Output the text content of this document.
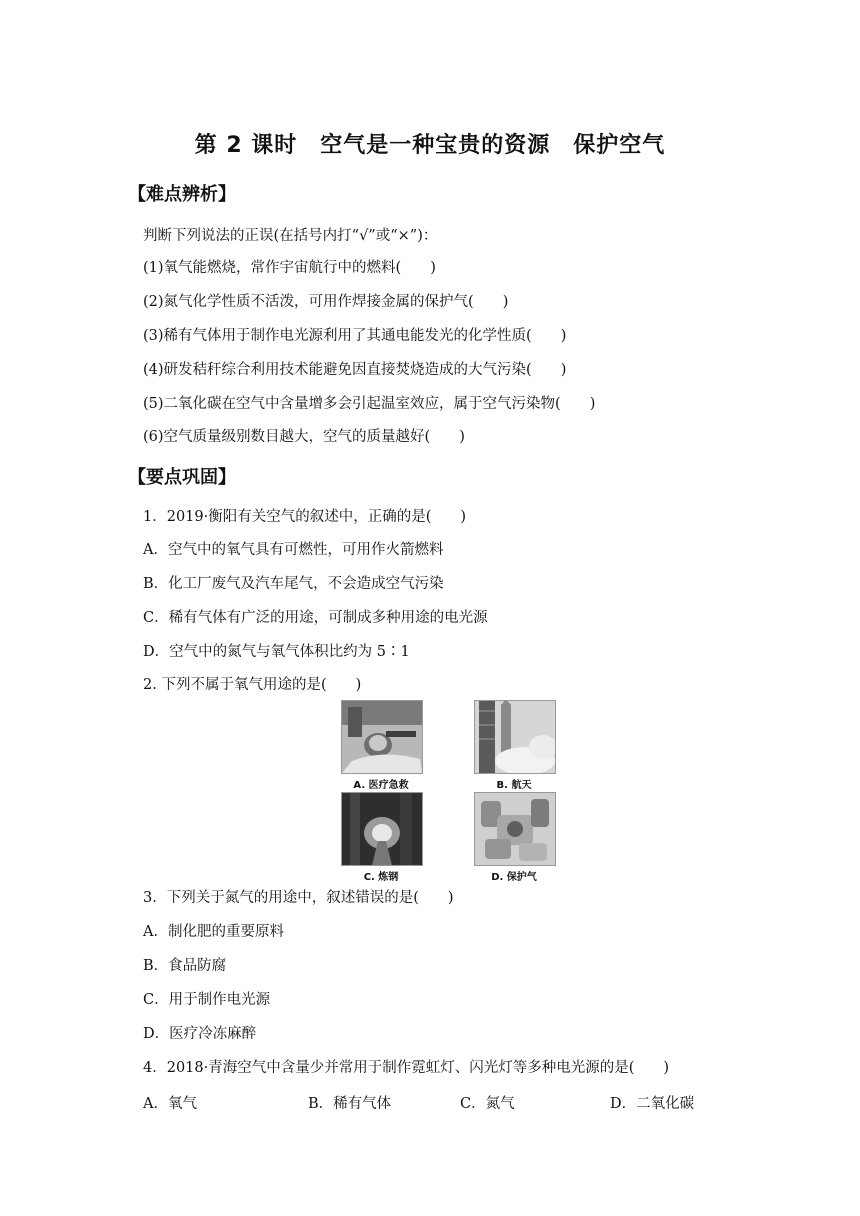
第 2 课时　空气是一种宝贵的资源　保护空气
【难点辨析】
判断下列说法的正误(在括号内打“√”或“×”)：
(1)氧气能燃烧，常作宇宙航行中的燃料(　　)
(2)氮气化学性质不活泼，可用作焊接金属的保护气(　　)
(3)稀有气体用于制作电光源利用了其通电能发光的化学性质(　　)
(4)研发秸秆综合利用技术能避免因直接焚烧造成的大气污染(　　)
(5)二氧化碳在空气中含量增多会引起温室效应，属于空气污染物(　　)
(6)空气质量级别数目越大，空气的质量越好(　　)
【要点巩固】
1．2019·衡阳有关空气的叙述中，正确的是(　　)
A．空气中的氧气具有可燃性，可用作火箭燃料
B．化工厂废气及汽车尾气，不会造成空气污染
C．稀有气体有广泛的用途，可制成多种用途的电光源
D．空气中的氮气与氧气体积比约为 5∶1
2. 下列不属于氧气用途的是(　　)
A. 医疗急救	B. 航天
C. 炼钢	D. 保护气
3．下列关于氮气的用途中，叙述错误的是(　　)
A．制化肥的重要原料
B．食品防腐
C．用于制作电光源
D．医疗冷冻麻醉
4．2018·青海空气中含量少并常用于制作霓虹灯、闪光灯等多种电光源的是(　　)
A．氧气	B．稀有气体	C．氮气	D．二氧化碳
